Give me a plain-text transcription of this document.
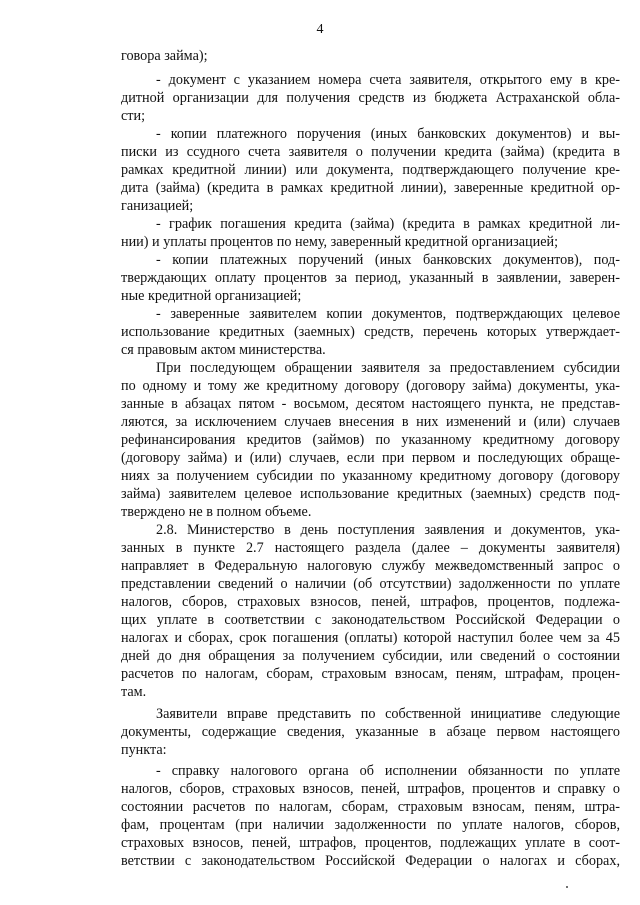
4
говора займа);
- документ с указанием номера счета заявителя, открытого ему в кре-
дитной организации для получения средств из бюджета Астраханской обла-
сти;
- копии платежного поручения (иных банковских документов) и вы-
писки из ссудного счета заявителя о получении кредита (займа) (кредита в
рамках кредитной линии) или документа, подтверждающего получение кре-
дита (займа) (кредита в рамках кредитной линии), заверенные кредитной ор-
ганизацией;
- график погашения кредита (займа) (кредита в рамках кредитной ли-
нии) и уплаты процентов по нему, заверенный кредитной организацией;
- копии платежных поручений (иных банковских документов), под-
тверждающих оплату процентов за период, указанный в заявлении, заверен-
ные кредитной организацией;
- заверенные заявителем копии документов, подтверждающих целевое
использование кредитных (заемных) средств, перечень которых утверждает-
ся правовым актом министерства.
При последующем обращении заявителя за предоставлением субсидии
по одному и тому же кредитному договору (договору займа) документы, ука-
занные в абзацах пятом - восьмом, десятом настоящего пункта, не представ-
ляются, за исключением случаев внесения в них изменений и (или) случаев
рефинансирования кредитов (займов) по указанному кредитному договору
(договору займа) и (или) случаев, если при первом и последующих обраще-
ниях за получением субсидии по указанному кредитному договору (договору
займа) заявителем целевое использование кредитных (заемных) средств под-
тверждено не в полном объеме.
2.8. Министерство в день поступления заявления и документов, ука-
занных в пункте 2.7 настоящего раздела (далее – документы заявителя)
направляет в Федеральную налоговую службу межведомственный запрос о
представлении сведений о наличии (об отсутствии) задолженности по уплате
налогов, сборов, страховых взносов, пеней, штрафов, процентов, подлежа-
щих уплате в соответствии с законодательством Российской Федерации о
налогах и сборах, срок погашения (оплаты) которой наступил более чем за 45
дней до дня обращения за получением субсидии, или сведений о состоянии
расчетов по налогам, сборам, страховым взносам, пеням, штрафам, процен-
там.
Заявители вправе представить по собственной инициативе следующие
документы, содержащие сведения, указанные в абзаце первом настоящего
пункта:
- справку налогового органа об исполнении обязанности по уплате
налогов, сборов, страховых взносов, пеней, штрафов, процентов и справку о
состоянии расчетов по налогам, сборам, страховым взносам, пеням, штра-
фам, процентам (при наличии задолженности по уплате налогов, сборов,
страховых взносов, пеней, штрафов, процентов, подлежащих уплате в соот-
ветствии с законодательством Российской Федерации о налогах и сборах,
